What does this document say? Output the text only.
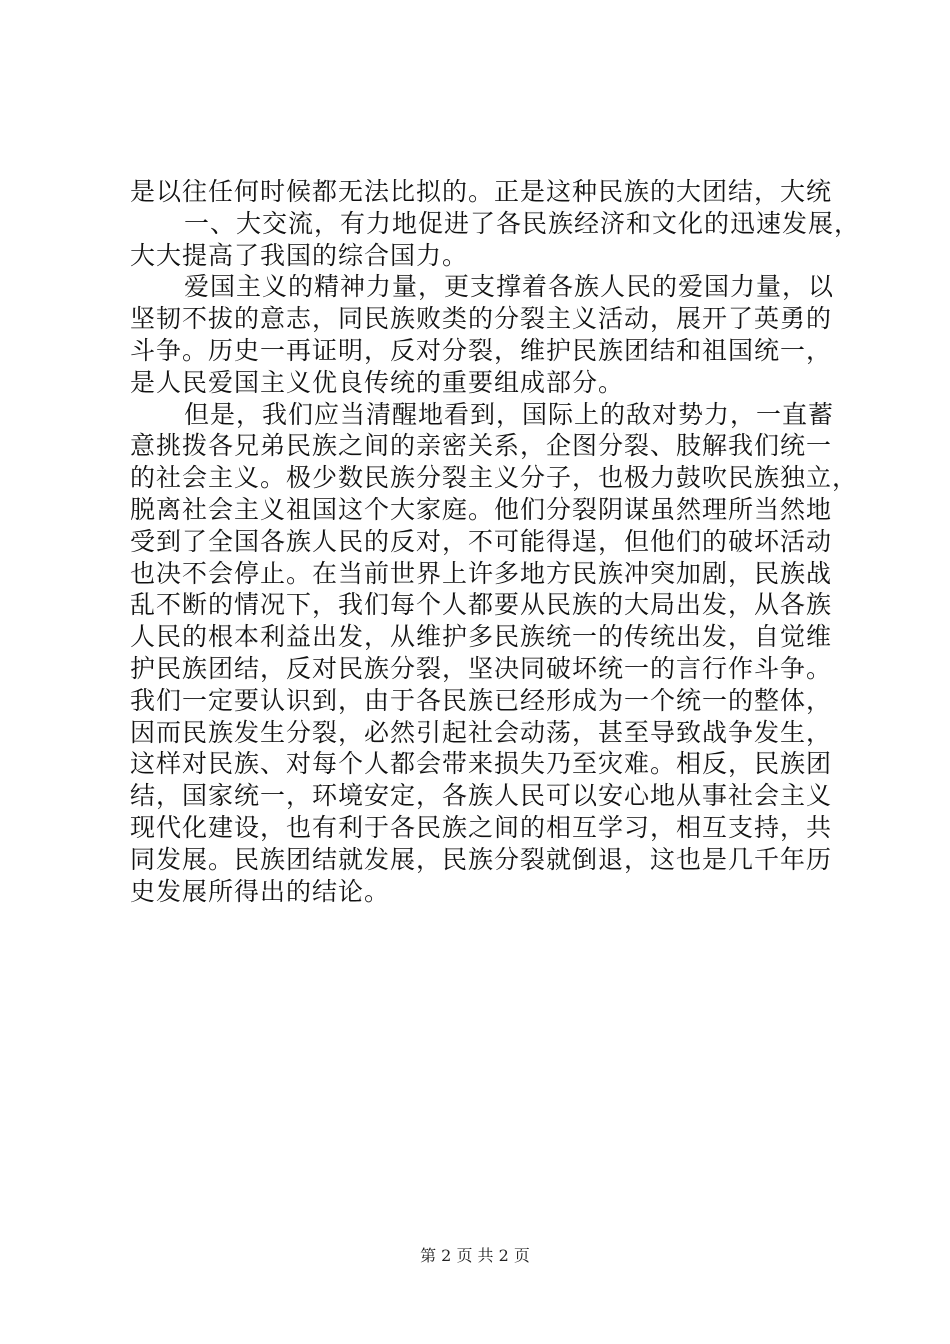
是以往任何时候都无法比拟的。正是这种民族的大团结，大统
一、大交流，有力地促进了各民族经济和文化的迅速发展，
大大提高了我国的综合国力。
爱国主义的精神力量，更支撑着各族人民的爱国力量，以
坚韧不拔的意志，同民族败类的分裂主义活动，展开了英勇的
斗争。历史一再证明，反对分裂，维护民族团结和祖国统一，
是人民爱国主义优良传统的重要组成部分。
但是，我们应当清醒地看到，国际上的敌对势力，一直蓄
意挑拨各兄弟民族之间的亲密关系，企图分裂、肢解我们统一
的社会主义。极少数民族分裂主义分子，也极力鼓吹民族独立，
脱离社会主义祖国这个大家庭。他们分裂阴谋虽然理所当然地
受到了全国各族人民的反对，不可能得逞，但他们的破坏活动
也决不会停止。在当前世界上许多地方民族冲突加剧，民族战
乱不断的情况下，我们每个人都要从民族的大局出发，从各族
人民的根本利益出发，从维护多民族统一的传统出发，自觉维
护民族团结，反对民族分裂，坚决同破坏统一的言行作斗争。
我们一定要认识到，由于各民族已经形成为一个统一的整体，
因而民族发生分裂，必然引起社会动荡，甚至导致战争发生，
这样对民族、对每个人都会带来损失乃至灾难。相反，民族团
结，国家统一，环境安定，各族人民可以安心地从事社会主义
现代化建设，也有利于各民族之间的相互学习，相互支持，共
同发展。民族团结就发展，民族分裂就倒退，这也是几千年历
史发展所得出的结论。
第 2 页 共 2 页
